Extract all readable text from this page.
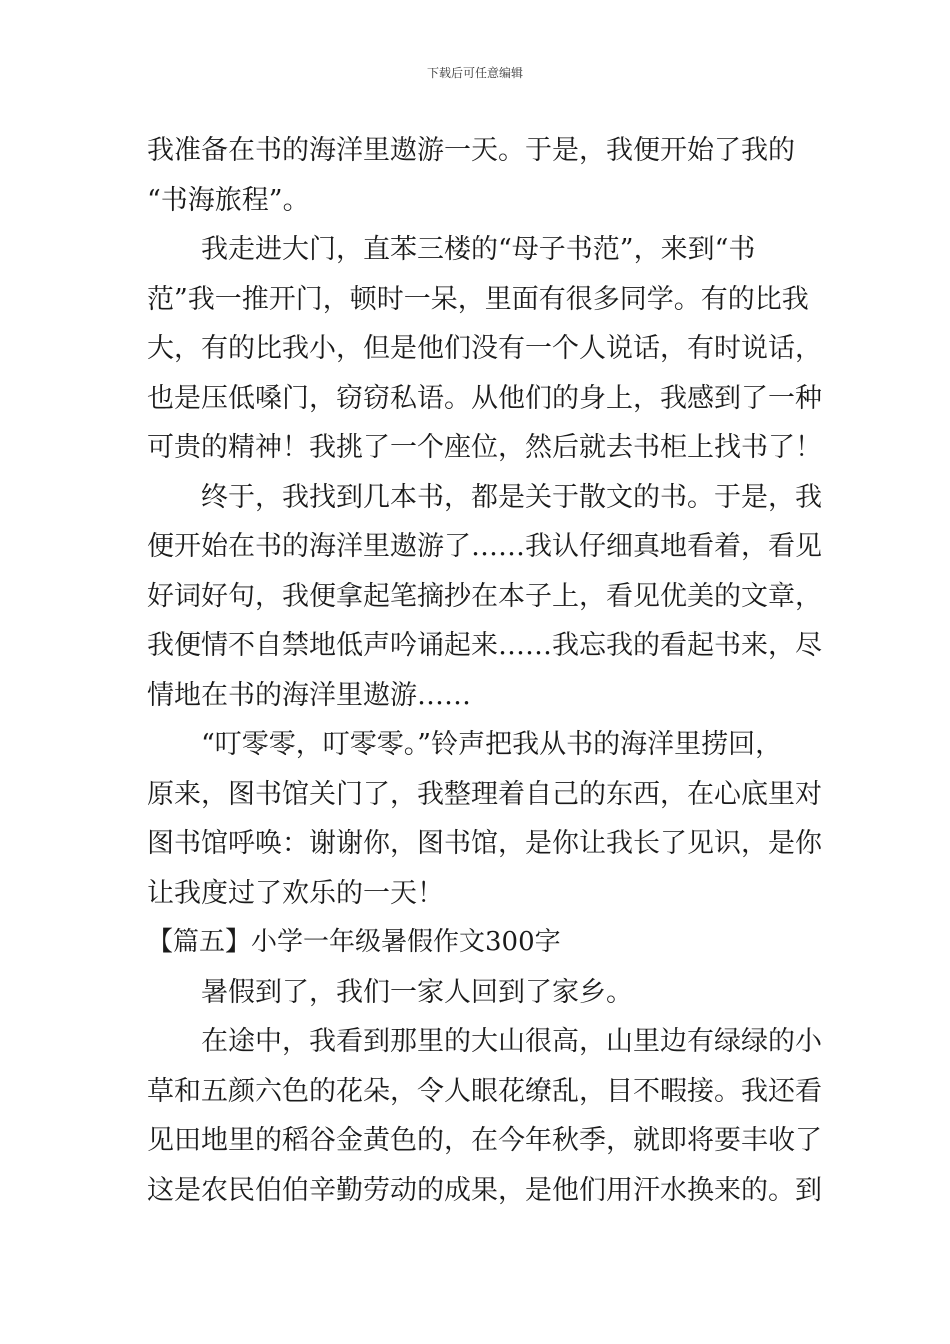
下载后可任意编辑
我准备在书的海洋里遨游一天。于是，我便开始了我的
“书海旅程”。
我走进大门，直苯三楼的“母子书范”，来到“书
范”我一推开门，顿时一呆，里面有很多同学。有的比我
大，有的比我小，但是他们没有一个人说话，有时说话，
也是压低嗓门，窃窃私语。从他们的身上，我感到了一种
可贵的精神！我挑了一个座位，然后就去书柜上找书了！
终于，我找到几本书，都是关于散文的书。于是，我
便开始在书的海洋里遨游了……我认仔细真地看着，看见
好词好句，我便拿起笔摘抄在本子上，看见优美的文章，
我便情不自禁地低声吟诵起来……我忘我的看起书来，尽
情地在书的海洋里遨游……
“叮零零，叮零零。”铃声把我从书的海洋里捞回，
原来，图书馆关门了，我整理着自己的东西，在心底里对
图书馆呼唤：谢谢你，图书馆，是你让我长了见识，是你
让我度过了欢乐的一天！
【篇五】小学一年级暑假作文300字
暑假到了，我们一家人回到了家乡。
在途中，我看到那里的大山很高，山里边有绿绿的小
草和五颜六色的花朵，令人眼花缭乱，目不暇接。我还看
见田地里的稻谷金黄色的，在今年秋季，就即将要丰收了
这是农民伯伯辛勤劳动的成果，是他们用汗水换来的。到
